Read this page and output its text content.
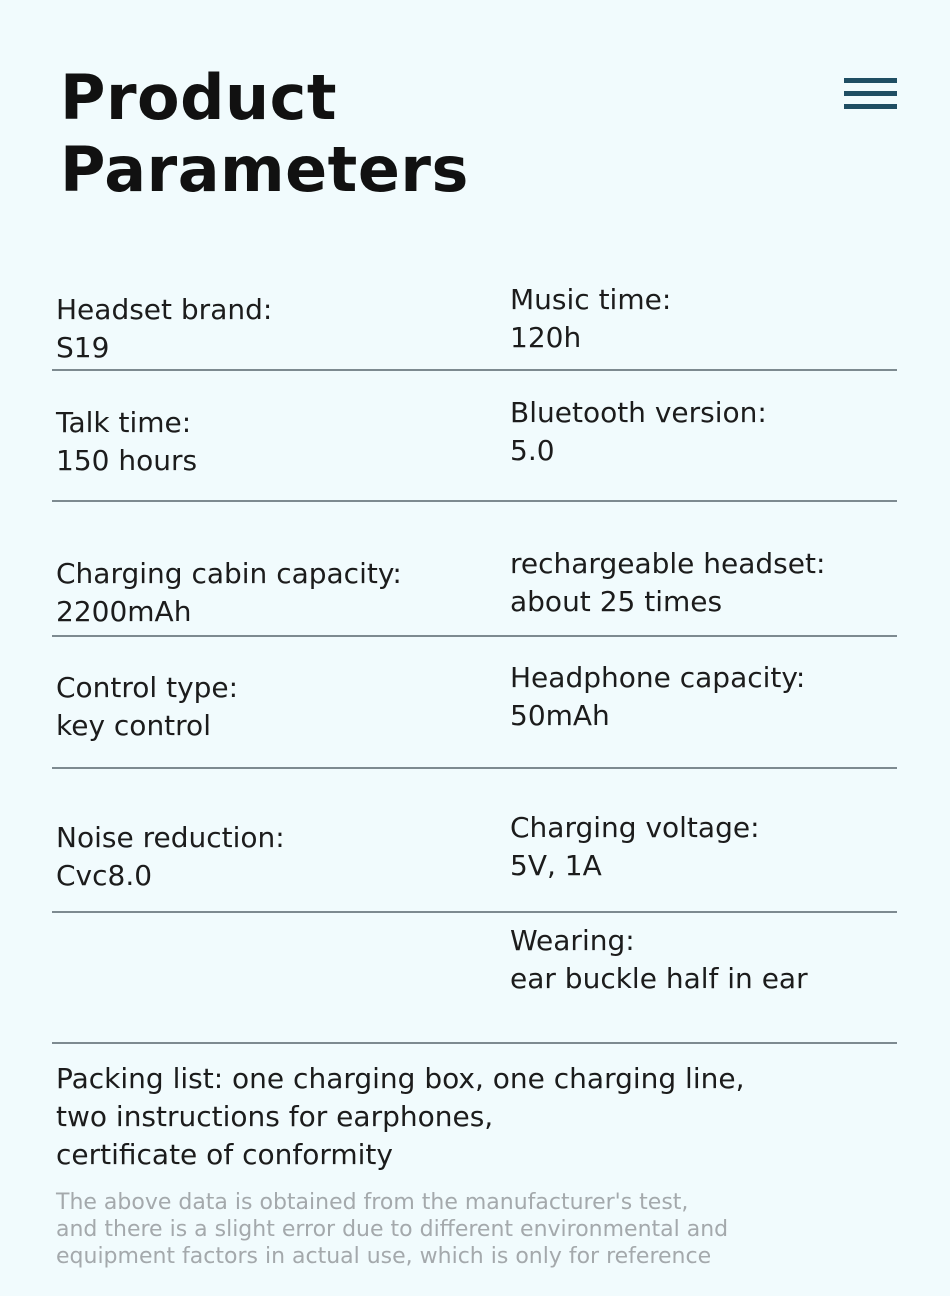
Product
Parameters
Headset brand:
S19
Music time:
120h
Talk time:
150 hours
Bluetooth version:
5.0
Charging cabin capacity:
2200mAh
rechargeable headset:
about 25 times
Control type:
key control
Headphone capacity:
50mAh
Noise reduction:
Cvc8.0
Charging voltage:
5V, 1A
Wearing:
ear buckle half in ear
Packing list: one charging box, one charging line,
two instructions for earphones,
certificate of conformity
The above data is obtained from the manufacturer's test,
and there is a slight error due to different environmental and
equipment factors in actual use, which is only for reference
